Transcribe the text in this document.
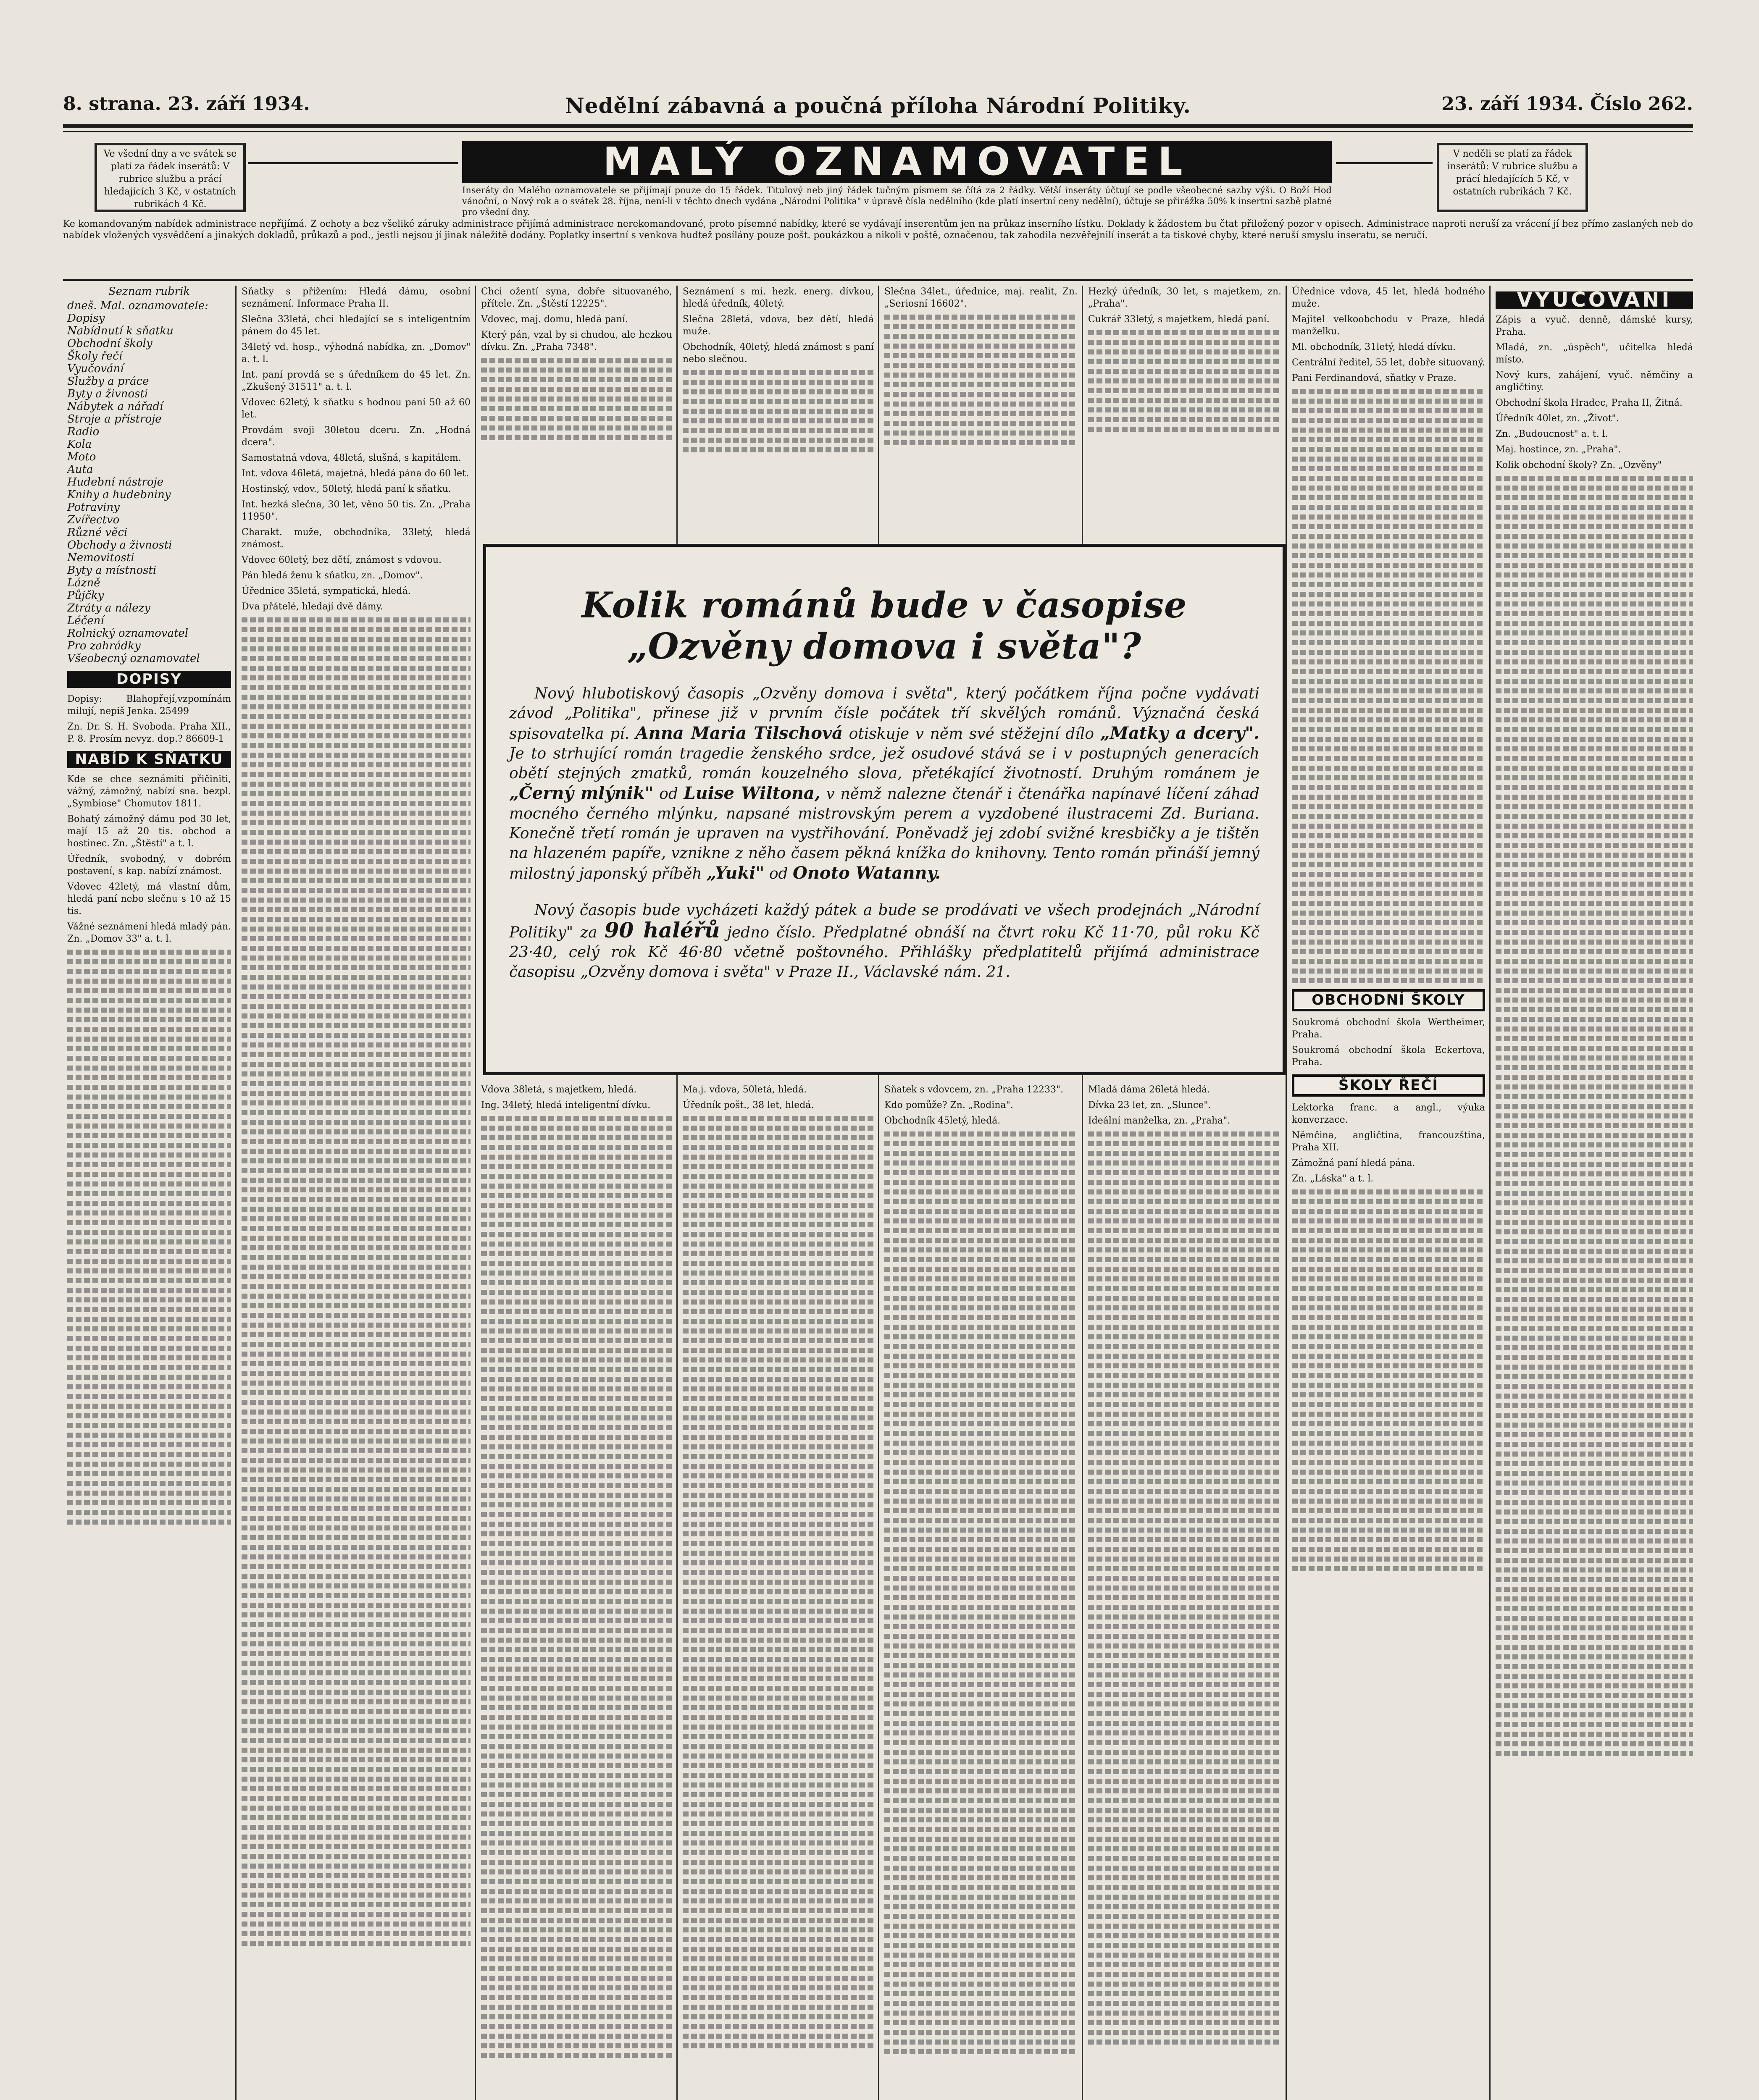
8. strana. 23. září 1934.	Nedělní zábavná a poučná příloha Národní Politiky.	23. září 1934. Číslo 262.
Ve všední dny a ve svátek se platí za řádek inserátů: V rubrice službu a prácí hledajících 3 Kč, v ostatních rubrikách 4 Kč.
MALÝ OZNAMOVATEL	V neděli se platí za řádek inserátů: V rubrice službu a prácí hledajících 5 Kč, v ostatních rubrikách 7 Kč.
Inseráty do Malého oznamovatele se přijímají pouze do 15 řádek. Titulový neb jiný řádek tučným písmem se čítá za 2 řádky. Větší inseráty účtují se podle všeobecné sazby výši. O Boží Hod vánoční, o Nový rok a o svátek 28. října, není-li v těchto dnech vydána „Národní Politika" v úpravě čísla nedělního (kde platí insertní ceny nedělní), účtuje se přirážka 50% k insertní sazbě platné pro všední dny.
Ke komandovaným nabídek administrace nepřijímá. Z ochoty a bez všeliké záruky administrace přijímá administrace nerekomandované, proto písemné nabídky, které se vydávají inserentům jen na průkaz inserního lístku. Doklady k žádostem bu čtat přiložený pozor v opisech. Administrace naproti neruší za vrácení jí bez přímo zaslaných neb do nabídek vložených vysvědčení a jinakých dokladů, průkazů a pod., jestli nejsou jí jinak náležitě dodány. Poplatky insertní s venkova hudtež posílány pouze pošt. poukázkou a nikoli v poště, označenou, tak zahodila nezvěřejnilí inserát a ta tiskové chyby, které neruší smyslu inseratu, se neručí.
Seznam rubrik
dneš. Mal. oznamovatele:
Dopisy
Nabídnutí k sňatku
Obchodní školy
Školy řečí
Vyučování
Služby a práce
Byty a živnosti
Nábytek a nářadí
Stroje a přístroje
Radio
Kola
Moto
Auta
Hudební nástroje
Knihy a hudebniny
Potraviny
Zvířectvo
Různé věci
Obchody a živnosti
Nemovitosti
Byty a místnosti
Lázně
Půjčky
Ztráty a nálezy
Léčení
Rolnický oznamovatel
Pro zahrádky
Všeobecný oznamovatel
DOPISY
Dopisy: Blahopřejí,vzpomínám milují, nepiš Jenka. 25499
Zn. Dr. S. H. Svoboda. Praha XII., P. 8. Prosím nevyz. dop.? 86609-1
NABÍD K SŇATKU
Kde se chce seznámiti přičiniti, vážný, zámožný, nabízí sna. bezpl. „Symbiose" Chomutov 1811.
Bohatý zámožný dámu pod 30 let, mají 15 až 20 tis. obchod a hostinec. Zn. „Štěstí" a t. l.
Úředník, svobodný, v dobrém postavení, s kap. nabízí známost.
Vdovec 42letý, má vlastní dům, hledá paní nebo slečnu s 10 až 15 tis.
Vážné seznámení hledá mladý pán. Zn. „Domov 33" a. t. l.
Sňatky s přižením: Hledá dámu, osobní seznámení. Informace Praha II.
Slečna 33letá, chci hledající se s inteligentním pánem do 45 let.
34letý vd. hosp., výhodná nabídka, zn. „Domov" a. t. l.
Int. paní provdá se s úředníkem do 45 let. Zn. „Zkušený 31511" a. t. l.
Vdovec 62letý, k sňatku s hodnou paní 50 až 60 let.
Provdám svoji 30letou dceru. Zn. „Hodná dcera".
Samostatná vdova, 48letá, slušná, s kapitálem.
Int. vdova 46letá, majetná, hledá pána do 60 let.
Hostinský, vdov., 50letý, hledá paní k sňatku.
Int. hezká slečna, 30 let, věno 50 tis. Zn. „Praha 11950".
Charakt. muže, obchodníka, 33letý, hledá známost.
Vdovec 60letý, bez dětí, známost s vdovou.
Pán hledá ženu k sňatku, zn. „Domov".
Úřednice 35letá, sympatická, hledá.
Dva přátelé, hledají dvě dámy.
Chci ožentí syna, dobře situovaného, přítele. Zn. „Štěstí 12225".
Vdovec, maj. domu, hledá paní.
Který pán, vzal by si chudou, ale hezkou dívku. Zn. „Praha 7348".
Vdova 38letá, s majetkem, hledá.
Ing. 34letý, hledá inteligentní dívku.
Seznámení s mi. hezk. energ. dívkou, hledá úředník, 40letý.
Slečna 28letá, vdova, bez dětí, hledá muže.
Obchodník, 40letý, hledá známost s paní nebo slečnou.
Ma.j. vdova, 50letá, hledá.
Úředník pošt., 38 let, hledá.
Slečna 34let., úřednice, maj. realit, Zn. „Seriosní 16602".
Sňatek s vdovcem, zn. „Praha 12233".
Kdo pomůže? Zn. „Rodina".
Obchodník 45letý, hledá.
Hezký úředník, 30 let, s majetkem, zn. „Praha".
Cukrář 33letý, s majetkem, hledá paní.
Mladá dáma 26letá hledá.
Dívka 23 let, zn. „Slunce".
Ideální manželka, zn. „Praha".
Úřednice vdova, 45 let, hledá hodného muže.
Majitel velkoobchodu v Praze, hledá manželku.
Ml. obchodník, 31letý, hledá dívku.
Centrální ředitel, 55 let, dobře situovaný.
Pani Ferdinandová, sňatky v Praze.
OBCHODNÍ ŠKOLY
Soukromá obchodní škola Wertheimer, Praha.
Soukromá obchodní škola Eckertova, Praha.
ŠKOLY ŘEČÍ
Lektorka franc. a angl., výuka konverzace.
Němčina, angličtina, francouzština, Praha XII.
Zámožná paní hledá pána.
Zn. „Láska" a t. l.
VYUČOVÁNÍ
Zápis a vyuč. denně, dámské kursy, Praha.
Mladá, zn. „úspěch", učitelka hledá místo.
Nový kurs, zahájení, vyuč. němčiny a angličtiny.
Obchodní škola Hradec, Praha II, Žitná.
Úředník 40let, zn. „Život".
Zn. „Budoucnost" a. t. l.
Maj. hostince, zn. „Praha".
Kolik obchodní školy? Zn. „Ozvěny"
Kolik románů bude v časopise
„Ozvěny domova i světa"?
Nový hlubotiskový časopis „Ozvěny domova i světa", který počátkem října počne vydávati závod „Politika", přinese již v prvním čísle počátek tří skvělých románů. Význačná česká spisovatelka pí. Anna Maria Tilschová otiskuje v něm své stěžejní dílo „Matky a dcery". Je to strhující román tragedie ženského srdce, jež osudové stává se i v postupných generacích obětí stejných zmatků, román kouzelného slova, přetékající životností. Druhým románem je „Černý mlýnik" od Luise Wiltona, v němž nalezne čtenář i čtenářka napínavé líčení záhad mocného černého mlýnku, napsané mistrovským perem a vyzdobené ilustracemi Zd. Buriana. Konečně třetí román je upraven na vystřihování. Poněvadž jej zdobí svižné kresbičky a je tištěn na hlazeném papíře, vznikne z něho časem pěkná knížka do knihovny. Tento román přináší jemný milostný japonský příběh „Yuki" od Onoto Watanny.
Nový časopis bude vycházeti každý pátek a bude se prodávati ve všech prodejnách „Národní Politiky" za 90 haléřů jedno číslo. Předplatné obnáší na čtvrt roku Kč 11·70, půl roku Kč 23·40, celý rok Kč 46·80 včetně poštovného. Přihlášky předplatitelů přijímá administrace časopisu „Ozvěny domova i světa" v Praze II., Václavské nám. 21.
